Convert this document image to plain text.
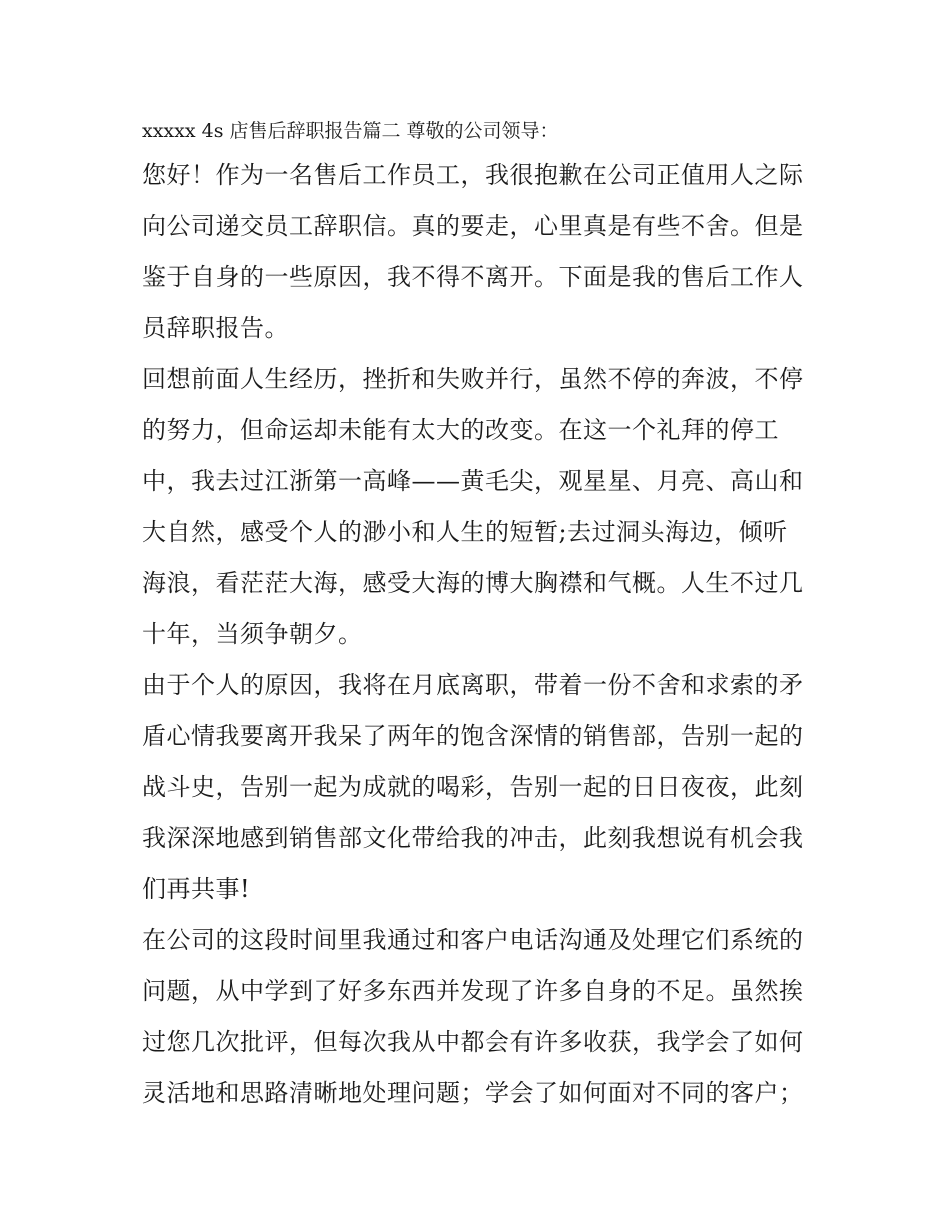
xxxxx 4s 店售后辞职报告篇二 尊敬的公司领导：
您好！作为一名售后工作员工，我很抱歉在公司正值用人之际
向公司递交员工辞职信。真的要走，心里真是有些不舍。但是
鉴于自身的一些原因，我不得不离开。下面是我的售后工作人
员辞职报告。
回想前面人生经历，挫折和失败并行，虽然不停的奔波，不停
的努力，但命运却未能有太大的改变。在这一个礼拜的停工
中，我去过江浙第一高峰——黄毛尖，观星星、月亮、高山和
大自然，感受个人的渺小和人生的短暂;去过洞头海边，倾听
海浪，看茫茫大海，感受大海的博大胸襟和气概。人生不过几
十年，当须争朝夕。
由于个人的原因，我将在月底离职，带着一份不舍和求索的矛
盾心情我要离开我呆了两年的饱含深情的销售部，告别一起的
战斗史，告别一起为成就的喝彩，告别一起的日日夜夜，此刻
我深深地感到销售部文化带给我的冲击，此刻我想说有机会我
们再共事!
在公司的这段时间里我通过和客户电话沟通及处理它们系统的
问题，从中学到了好多东西并发现了许多自身的不足。虽然挨
过您几次批评，但每次我从中都会有许多收获，我学会了如何
灵活地和思路清晰地处理问题；学会了如何面对不同的客户；
